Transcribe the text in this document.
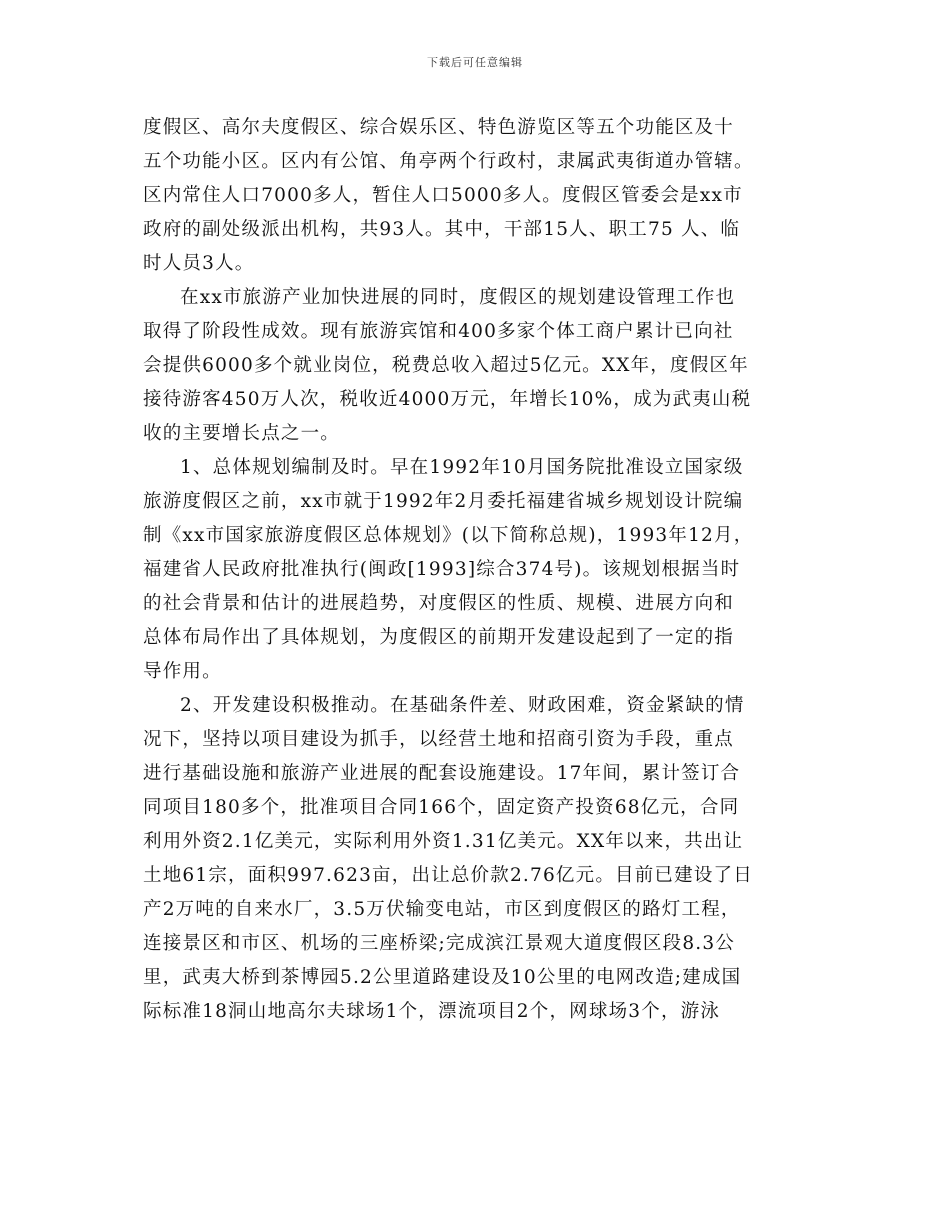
下载后可任意编辑
度假区、高尔夫度假区、综合娱乐区、特色游览区等五个功能区及十
五个功能小区。区内有公馆、角亭两个行政村，隶属武夷街道办管辖。
区内常住人口7000多人，暂住人口5000多人。度假区管委会是xx市
政府的副处级派出机构，共93人。其中，干部15人、职工75 人、临
时人员3人。
在xx市旅游产业加快进展的同时，度假区的规划建设管理工作也
取得了阶段性成效。现有旅游宾馆和400多家个体工商户累计已向社
会提供6000多个就业岗位，税费总收入超过5亿元。XX年，度假区年
接待游客450万人次，税收近4000万元，年增长10%，成为武夷山税
收的主要增长点之一。
1、总体规划编制及时。早在1992年10月国务院批准设立国家级
旅游度假区之前，xx市就于1992年2月委托福建省城乡规划设计院编
制《xx市国家旅游度假区总体规划》(以下简称总规)，1993年12月，
福建省人民政府批准执行(闽政[1993]综合374号)。该规划根据当时
的社会背景和估计的进展趋势，对度假区的性质、规模、进展方向和
总体布局作出了具体规划，为度假区的前期开发建设起到了一定的指
导作用。
2、开发建设积极推动。在基础条件差、财政困难，资金紧缺的情
况下，坚持以项目建设为抓手，以经营土地和招商引资为手段，重点
进行基础设施和旅游产业进展的配套设施建设。17年间，累计签订合
同项目180多个，批准项目合同166个，固定资产投资68亿元，合同
利用外资2.1亿美元，实际利用外资1.31亿美元。XX年以来，共出让
土地61宗，面积997.623亩，出让总价款2.76亿元。目前已建设了日
产2万吨的自来水厂，3.5万伏输变电站，市区到度假区的路灯工程，
连接景区和市区、机场的三座桥梁;完成滨江景观大道度假区段8.3公
里，武夷大桥到茶博园5.2公里道路建设及10公里的电网改造;建成国
际标准18洞山地高尔夫球场1个，漂流项目2个，网球场3个，游泳
